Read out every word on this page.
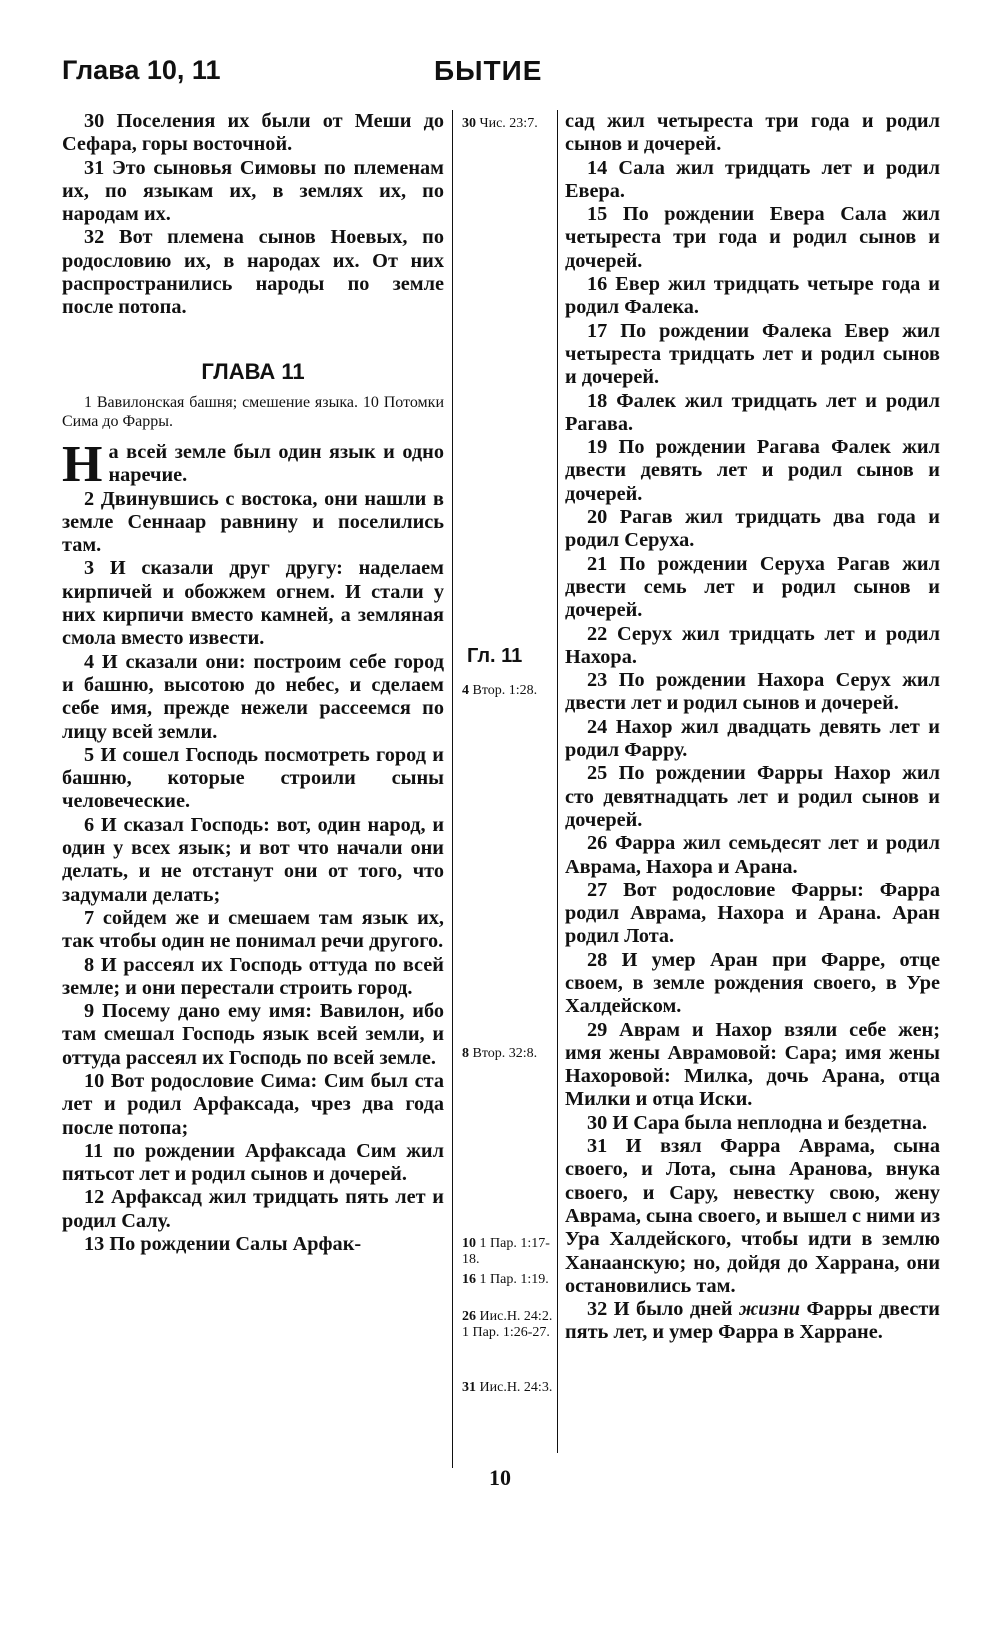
Глава 10, 11	БЫТИЕ

30 Поселения их были от Меши до Сефара, горы восточной.

31 Это сыновья Симовы по племенам их, по языкам их, в землях их, по народам их.

32 Вот племена сынов Ноевых, по родословию их, в народах их. От них распространились народы по земле после потопа.

ГЛАВА 11
1 Вавилонская башня; смешение языка. 10 Потомки Сима до Фарры.

На всей земле был один язык и одно наречие.

2 Двинувшись с востока, они нашли в земле Сеннаар равнину и поселились там.

3 И сказали друг другу: наделаем кирпичей и обожжем огнем. И стали у них кирпичи вместо камней, а земляная смола вместо извести.

4 И сказали они: построим себе город и башню, высотою до небес, и сделаем себе имя, прежде нежели рассеемся по лицу всей земли.

5 И сошел Господь посмотреть город и башню, которые строили сыны человеческие.

6 И сказал Господь: вот, один народ, и один у всех язык; и вот что начали они делать, и не отстанут они от того, что задумали делать;

7 сойдем же и смешаем там язык их, так чтобы один не понимал речи другого.

8 И рассеял их Господь оттуда по всей земле; и они перестали строить город.

9 Посему дано ему имя: Вавилон, ибо там смешал Господь язык всей земли, и оттуда рассеял их Господь по всей земле.

10 Вот родословие Сима: Сим был ста лет и родил Арфаксада, чрез два года после потопа;

11 по рождении Арфаксада Сим жил пятьсот лет и родил сынов и дочерей.

12 Арфаксад жил тридцать пять лет и родил Салу.

13 По рождении Салы Арфак-

30 Чис. 23:7.
Гл. 11
4 Втор. 1:28.
8 Втор. 32:8.
10 1 Пар. 1:17-18.
16 1 Пар. 1:19.
26 Иис.Н. 24:2.
1 Пар. 1:26-27.
31 Иис.Н. 24:3.

сад жил четыреста три года и родил сынов и дочерей.

14 Сала жил тридцать лет и родил Евера.

15 По рождении Евера Сала жил четыреста три года и родил сынов и дочерей.

16 Евер жил тридцать четыре года и родил Фалека.

17 По рождении Фалека Евер жил четыреста тридцать лет и родил сынов и дочерей.

18 Фалек жил тридцать лет и родил Рагава.

19 По рождении Рагава Фалек жил двести девять лет и родил сынов и дочерей.

20 Рагав жил тридцать два года и родил Серуха.

21 По рождении Серуха Рагав жил двести семь лет и родил сынов и дочерей.

22 Серух жил тридцать лет и родил Нахора.

23 По рождении Нахора Серух жил двести лет и родил сынов и дочерей.

24 Нахор жил двадцать девять лет и родил Фарру.

25 По рождении Фарры Нахор жил сто девятнадцать лет и родил сынов и дочерей.

26 Фарра жил семьдесят лет и родил Аврама, Нахора и Арана.

27 Вот родословие Фарры: Фарра родил Аврама, Нахора и Арана. Аран родил Лота.

28 И умер Аран при Фарре, отце своем, в земле рождения своего, в Уре Халдейском.

29 Аврам и Нахор взяли себе жен; имя жены Аврамовой: Сара; имя жены Нахоровой: Милка, дочь Арана, отца Милки и отца Иски.

30 И Сара была неплодна и бездетна.

31 И взял Фарра Аврама, сына своего, и Лота, сына Аранова, внука своего, и Сару, невестку свою, жену Аврама, сына своего, и вышел с ними из Ура Халдейского, чтобы идти в землю Ханаанскую; но, дойдя до Харрана, они остановились там.

32 И было дней жизни Фарры двести пять лет, и умер Фарра в Харране.

10
